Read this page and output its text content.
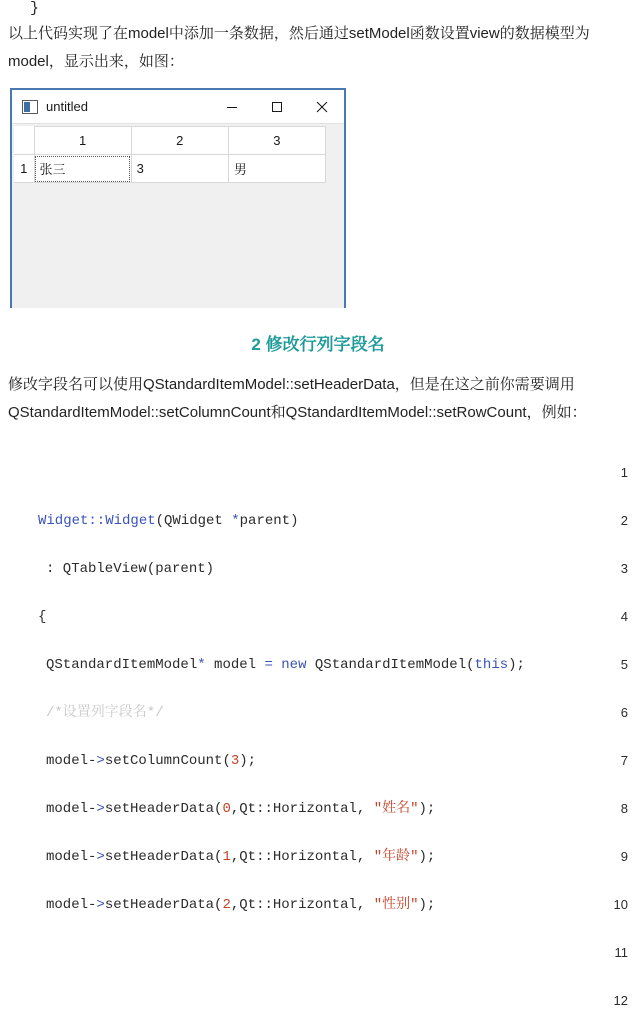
}

以上代码实现了在model中添加一条数据，然后通过setModel函数设置view的数据模型为model，显示出来，如图：

untitled
	1	2	3
1	张三	3	男
2 修改行列字段名

修改字段名可以使用QStandardItemModel::setHeaderData，但是在这之前你需要调用QStandardItemModel::setColumnCount和QStandardItemModel::setRowCount，例如：

Widget::Widget(QWidget *parent)
: QTableView(parent)
{
QStandardItemModel* model = new QStandardItemModel(this);
/*设置列字段名*/
model->setColumnCount(3);
model->setHeaderData(0,Qt::Horizontal, "姓名");
model->setHeaderData(1,Qt::Horizontal, "年龄");
model->setHeaderData(2,Qt::Horizontal, "性别");
1
2
3
4
5
6
7
8
9
10
11
12
